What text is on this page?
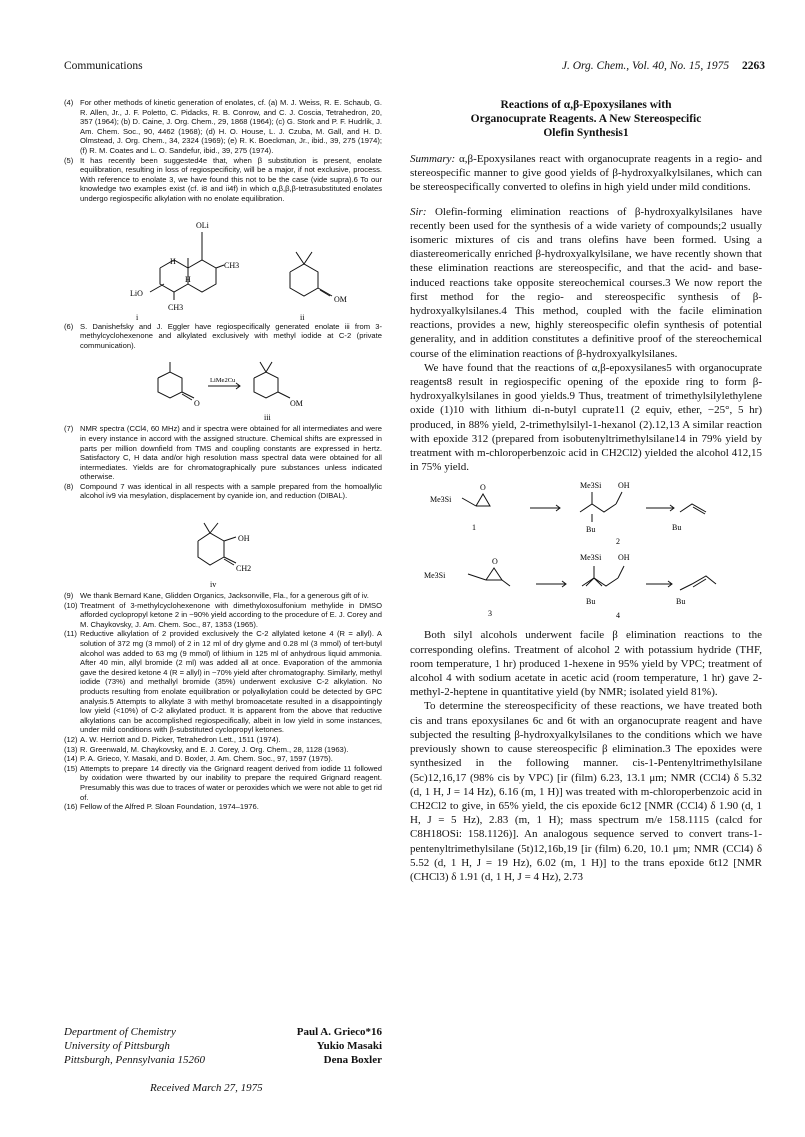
Communications	J. Org. Chem., Vol. 40, No. 15, 1975 2263

(4) For other methods of kinetic generation of enolates, cf. (a) M. J. Weiss, R. E. Schaub, G. R. Allen, Jr., J. F. Poletto, C. Pidacks, R. B. Conrow, and C. J. Coscia, Tetrahedron, 20, 357 (1964); (b) D. Caine, J. Org. Chem., 29, 1868 (1964); (c) G. Stork and P. F. Hudrlik, J. Am. Chem. Soc., 90, 4462 (1968); (d) H. O. House, L. J. Czuba, M. Gall, and H. D. Olmstead, J. Org. Chem., 34, 2324 (1969); (e) R. K. Boeckman, Jr., ibid., 39, 275 (1974); (f) R. M. Coates and L. O. Sandefur, ibid., 39, 275 (1974).

(5) It has recently been suggested4e that, when β substitution is present, enolate equilibration, resulting in loss of regiospecificity, will be a major, if not exclusive, process. With reference to enolate 3, we have found this not to be the case (vide supra).6 To our knowledge two examples exist (cf. i8 and ii4f) in which α,β,β,β-tetrasubstituted enolates undergo regiospecific alkylation with no enolate equilibration.

OLi
H
H
CH3
CH3
LiO
OM
i	ii

(6) S. Danishefsky and J. Eggler have regiospecifically generated enolate iii from 3-methylcyclohexenone and alkylated exclusively with methyl iodide at C-2 (private communication).

LiMe2Cu
O	OM
iii

(7) NMR spectra (CCl4, 60 MHz) and ir spectra were obtained for all intermediates and were in every instance in accord with the assigned structure. Chemical shifts are expressed in parts per million downfield from TMS and coupling constants are expressed in hertz. Satisfactory C, H data and/or high resolution mass spectral data were obtained for all intermediates. Yields are for chromatographically pure substances unless indicated otherwise.

(8) Compound 7 was identical in all respects with a sample prepared from the homoallylic alcohol iv9 via mesylation, displacement by cyanide ion, and reduction (DIBAL).

OH
CH2
iv

(9) We thank Bernard Kane, Glidden Organics, Jacksonville, Fla., for a generous gift of iv.

(10) Treatment of 3-methylcyclohexenone with dimethyloxosulfonium methylide in DMSO afforded cyclopropyl ketone 2 in ~90% yield according to the procedure of E. J. Corey and M. Chaykovsky, J. Am. Chem. Soc., 87, 1353 (1965).

(11) Reductive alkylation of 2 provided exclusively the C-2 allylated ketone 4 (R = allyl). A solution of 372 mg (3 mmol) of 2 in 12 ml of dry glyme and 0.28 ml (3 mmol) of tert-butyl alcohol was added to 63 mg (9 mmol) of lithium in 125 ml of anhydrous liquid ammonia. After 40 min, allyl bromide (2 ml) was added all at once. Evaporation of the ammonia gave the desired ketone 4 (R = allyl) in ~70% yield after chromatography. Similarly, methyl iodide (73%) and methallyl bromide (35%) underwent exclusive C-2 alkylation. No products resulting from enolate equilibration or polyalkylation could be detected by GPC analysis.5 Attempts to alkylate 3 with methyl bromoacetate resulted in a disappointingly low yield (<10%) of C-2 alkylated product. It is apparent from the above that reductive alkylations can be accomplished regiospecifically, albeit in low yield in some instances, under mild conditions with β-substituted cyclopropyl ketones.

(12) A. W. Herriott and D. Picker, Tetrahedron Lett., 1511 (1974).

(13) R. Greenwald, M. Chaykovsky, and E. J. Corey, J. Org. Chem., 28, 1128 (1963).

(14) P. A. Grieco, Y. Masaki, and D. Boxler, J. Am. Chem. Soc., 97, 1597 (1975).

(15) Attempts to prepare 14 directly via the Grignard reagent derived from iodide 11 followed by oxidation were thwarted by our inability to prepare the required Grignard reagent. Presumably this was due to traces of water or peroxides which we were not able to get rid of.

(16) Fellow of the Alfred P. Sloan Foundation, 1974–1976.

Department of Chemistry
University of Pittsburgh
Pittsburgh, Pennsylvania 15260
Paul A. Grieco*16
Yukio Masaki
Dena Boxler
Received March 27, 1975
Reactions of α,β-Epoxysilanes with
Organocuprate Reagents. A New Stereospecific
Olefin Synthesis1

Summary: α,β-Epoxysilanes react with organocuprate reagents in a regio- and stereospecific manner to give good yields of β-hydroxyalkylsilanes, which can be stereospecifically converted to olefins in high yield under mild conditions.

Sir: Olefin-forming elimination reactions of β-hydroxyalkylsilanes have recently been used for the synthesis of a wide variety of compounds;2 usually isomeric mixtures of cis and trans olefins have been formed. Using a diastereomerically enriched β-hydroxyalkylsilane, we have recently shown that these elimination reactions are stereospecific, and that the acid- and base-induced reactions take opposite stereochemical courses.3 We now report the first method for the regio- and stereospecific synthesis of β-hydroxyalkylsilanes.4 This method, coupled with the facile elimination reactions, provides a new, highly stereospecific olefin synthesis of potential generality, and in addition constitutes a definitive proof of the stereochemical course of the elimination reactions of β-hydroxyalkylsilanes.

We have found that the reactions of α,β-epoxysilanes5 with organocuprate reagents8 result in regiospecific opening of the epoxide ring to form β-hydroxyalkylsilanes in good yields.9 Thus, treatment of trimethylsilylethylene oxide (1)10 with lithium di-n-butyl cuprate11 (2 equiv, ether, −25°, 5 hr) produced, in 88% yield, 2-trimethylsilyl-1-hexanol (2).12,13 A similar reaction with epoxide 312 (prepared from isobutenyltrimethylsilane14 in 79% yield by treatment with m-chloroperbenzoic acid in CH2Cl2) yielded the alcohol 412,15 in 75% yield.

Me3Si
O
1
Me3Si OH
Bu
2
Bu
Me3Si
O
3
Me3Si OH
Bu
4
Bu

Both silyl alcohols underwent facile β elimination reactions to the corresponding olefins. Treatment of alcohol 2 with potassium hydride (THF, room temperature, 1 hr) produced 1-hexene in 95% yield by VPC; treatment of alcohol 4 with sodium acetate in acetic acid (room temperature, 1 hr) gave 2-methyl-2-heptene in quantitative yield (by NMR; isolated yield 81%).

To determine the stereospecificity of these reactions, we have treated both cis and trans epoxysilanes 6c and 6t with an organocuprate reagent and have subjected the resulting β-hydroxyalkylsilanes to the conditions which we have previously shown to cause stereospecific β elimination.3 The epoxides were synthesized in the following manner. cis-1-Pentenyltrimethylsilane (5c)12,16,17 (98% cis by VPC) [ir (film) 6.23, 13.1 μm; NMR (CCl4) δ 5.32 (d, 1 H, J = 14 Hz), 6.16 (m, 1 H)] was treated with m-chloroperbenzoic acid in CH2Cl2 to give, in 65% yield, the cis epoxide 6c12 [NMR (CCl4) δ 1.90 (d, 1 H, J = 5 Hz), 2.83 (m, 1 H); mass spectrum m/e 158.1115 (calcd for C8H18OSi: 158.1126)]. An analogous sequence served to convert trans-1-pentenyltrimethylsilane (5t)12,16b,19 [ir (film) 6.20, 10.1 μm; NMR (CCl4) δ 5.52 (d, 1 H, J = 19 Hz), 6.02 (m, 1 H)] to the trans epoxide 6t12 [NMR (CHCl3) δ 1.91 (d, 1 H, J = 4 Hz), 2.73
